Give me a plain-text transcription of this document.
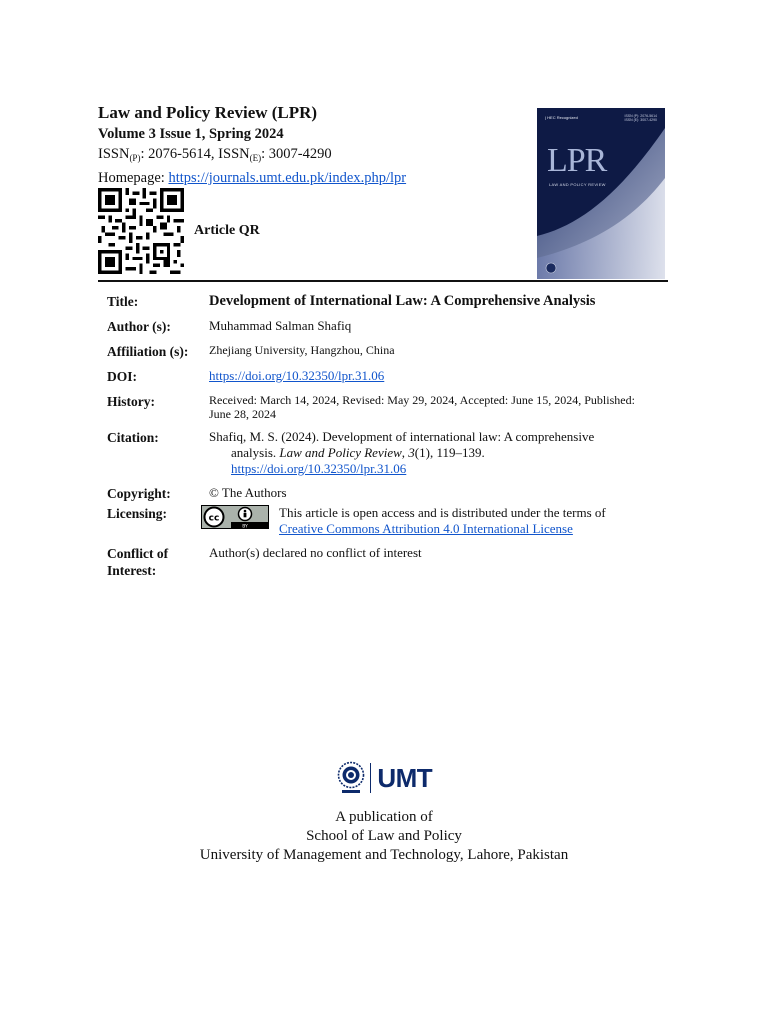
Law and Policy Review (LPR)
Volume 3 Issue 1, Spring 2024
$ISSN_{(P)}$: 2076-5614, $ISSN_{(E)}$: 3007-4290
Homepage: https://journals.umt.edu.pk/index.php/lpr
Article QR
| HEC Recognized	ISSN (P): 2076-5614
ISSN (E): 3007-4290
LPR
LAW AND POLICY REVIEW
Title:	Development of International Law: A Comprehensive Analysis
Author (s):	Muhammad Salman Shafiq
Affiliation (s):	Zhejiang University, Hangzhou, China
DOI:	https://doi.org/10.32350/lpr.31.06
History:	Received: March 14, 2024, Revised: May 29, 2024, Accepted: June 15, 2024, Published: June 28, 2024
Citation:	Shafiq, M. S. (2024). Development of international law: A comprehensive
analysis. Law and Policy Review, 3(1), 119–139.
https://doi.org/10.32350/lpr.31.06
Copyright:	© The Authors
Licensing:	cc
BY
This article is open access and is distributed under the terms of
Creative Commons Attribution 4.0 International License
Conflict of
Interest:
Author(s) declared no conflict of interest
UMT
A publication of
School of Law and Policy
University of Management and Technology, Lahore, Pakistan
